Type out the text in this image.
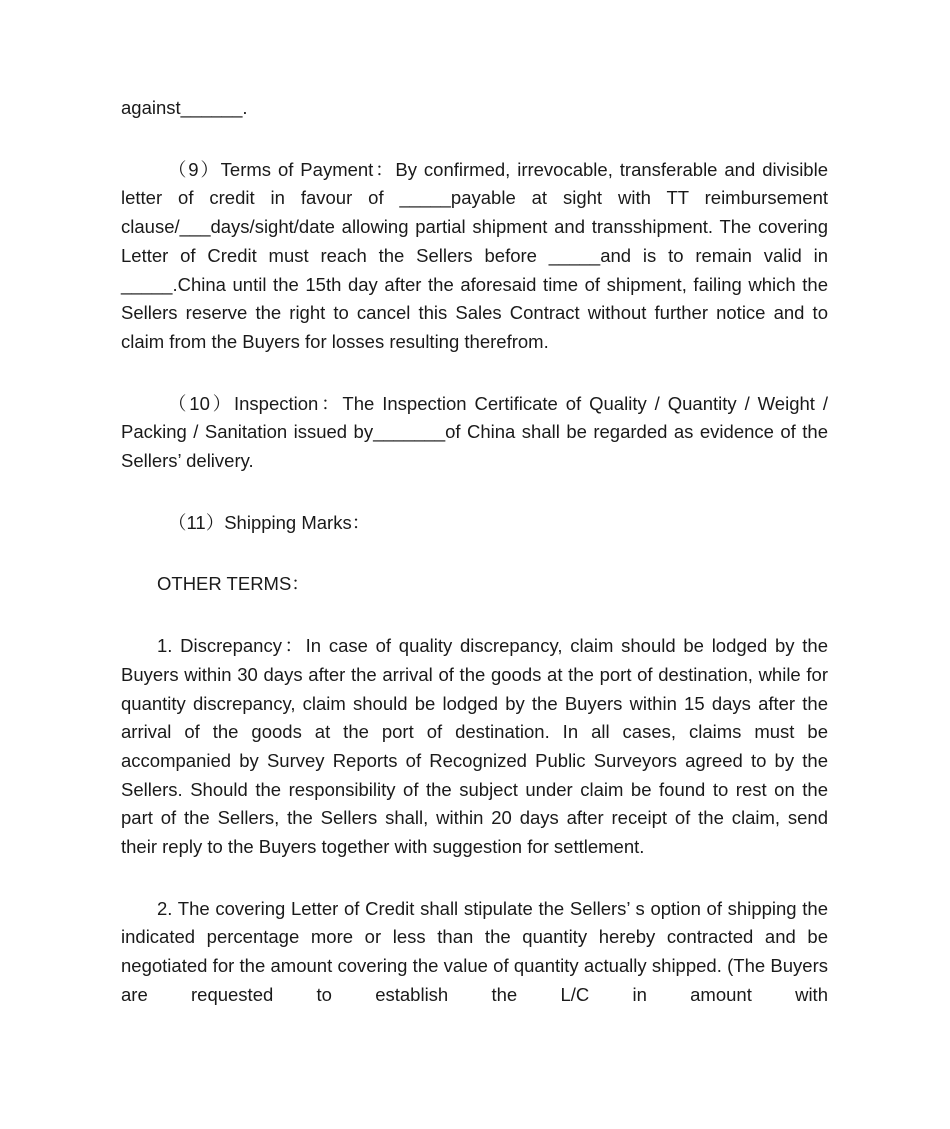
against______.

（9）Terms of Payment：By confirmed, irrevocable, transferable and divisible letter of credit in favour of _____payable at sight with TT reimbursement clause/___days/sight/date allowing partial shipment and transshipment. The covering Letter of Credit must reach the Sellers before _____and is to remain valid in _____.China until the 15th day after the aforesaid time of shipment, failing which the Sellers reserve the right to cancel this Sales Contract without further notice and to claim from the Buyers for losses resulting therefrom.

（10）Inspection：The Inspection Certificate of Quality / Quantity / Weight / Packing / Sanitation issued by_______of China shall be regarded as evidence of the Sellers’ delivery.

（11）Shipping Marks：

OTHER TERMS：

1. Discrepancy：In case of quality discrepancy, claim should be lodged by the Buyers within 30 days after the arrival of the goods at the port of destination, while for quantity discrepancy, claim should be lodged by the Buyers within 15 days after the arrival of the goods at the port of destination. In all cases, claims must be accompanied by Survey Reports of Recognized Public Surveyors agreed to by the Sellers. Should the responsibility of the subject under claim be found to rest on the part of the Sellers, the Sellers shall, within 20 days after receipt of the claim, send their reply to the Buyers together with suggestion for settlement.

2. The covering Letter of Credit shall stipulate the Sellers’ s option of shipping the indicated percentage more or less than the quantity hereby contracted and be negotiated for the amount covering the value of quantity actually shipped. (The Buyers are requested to establish the L/C in amount with
